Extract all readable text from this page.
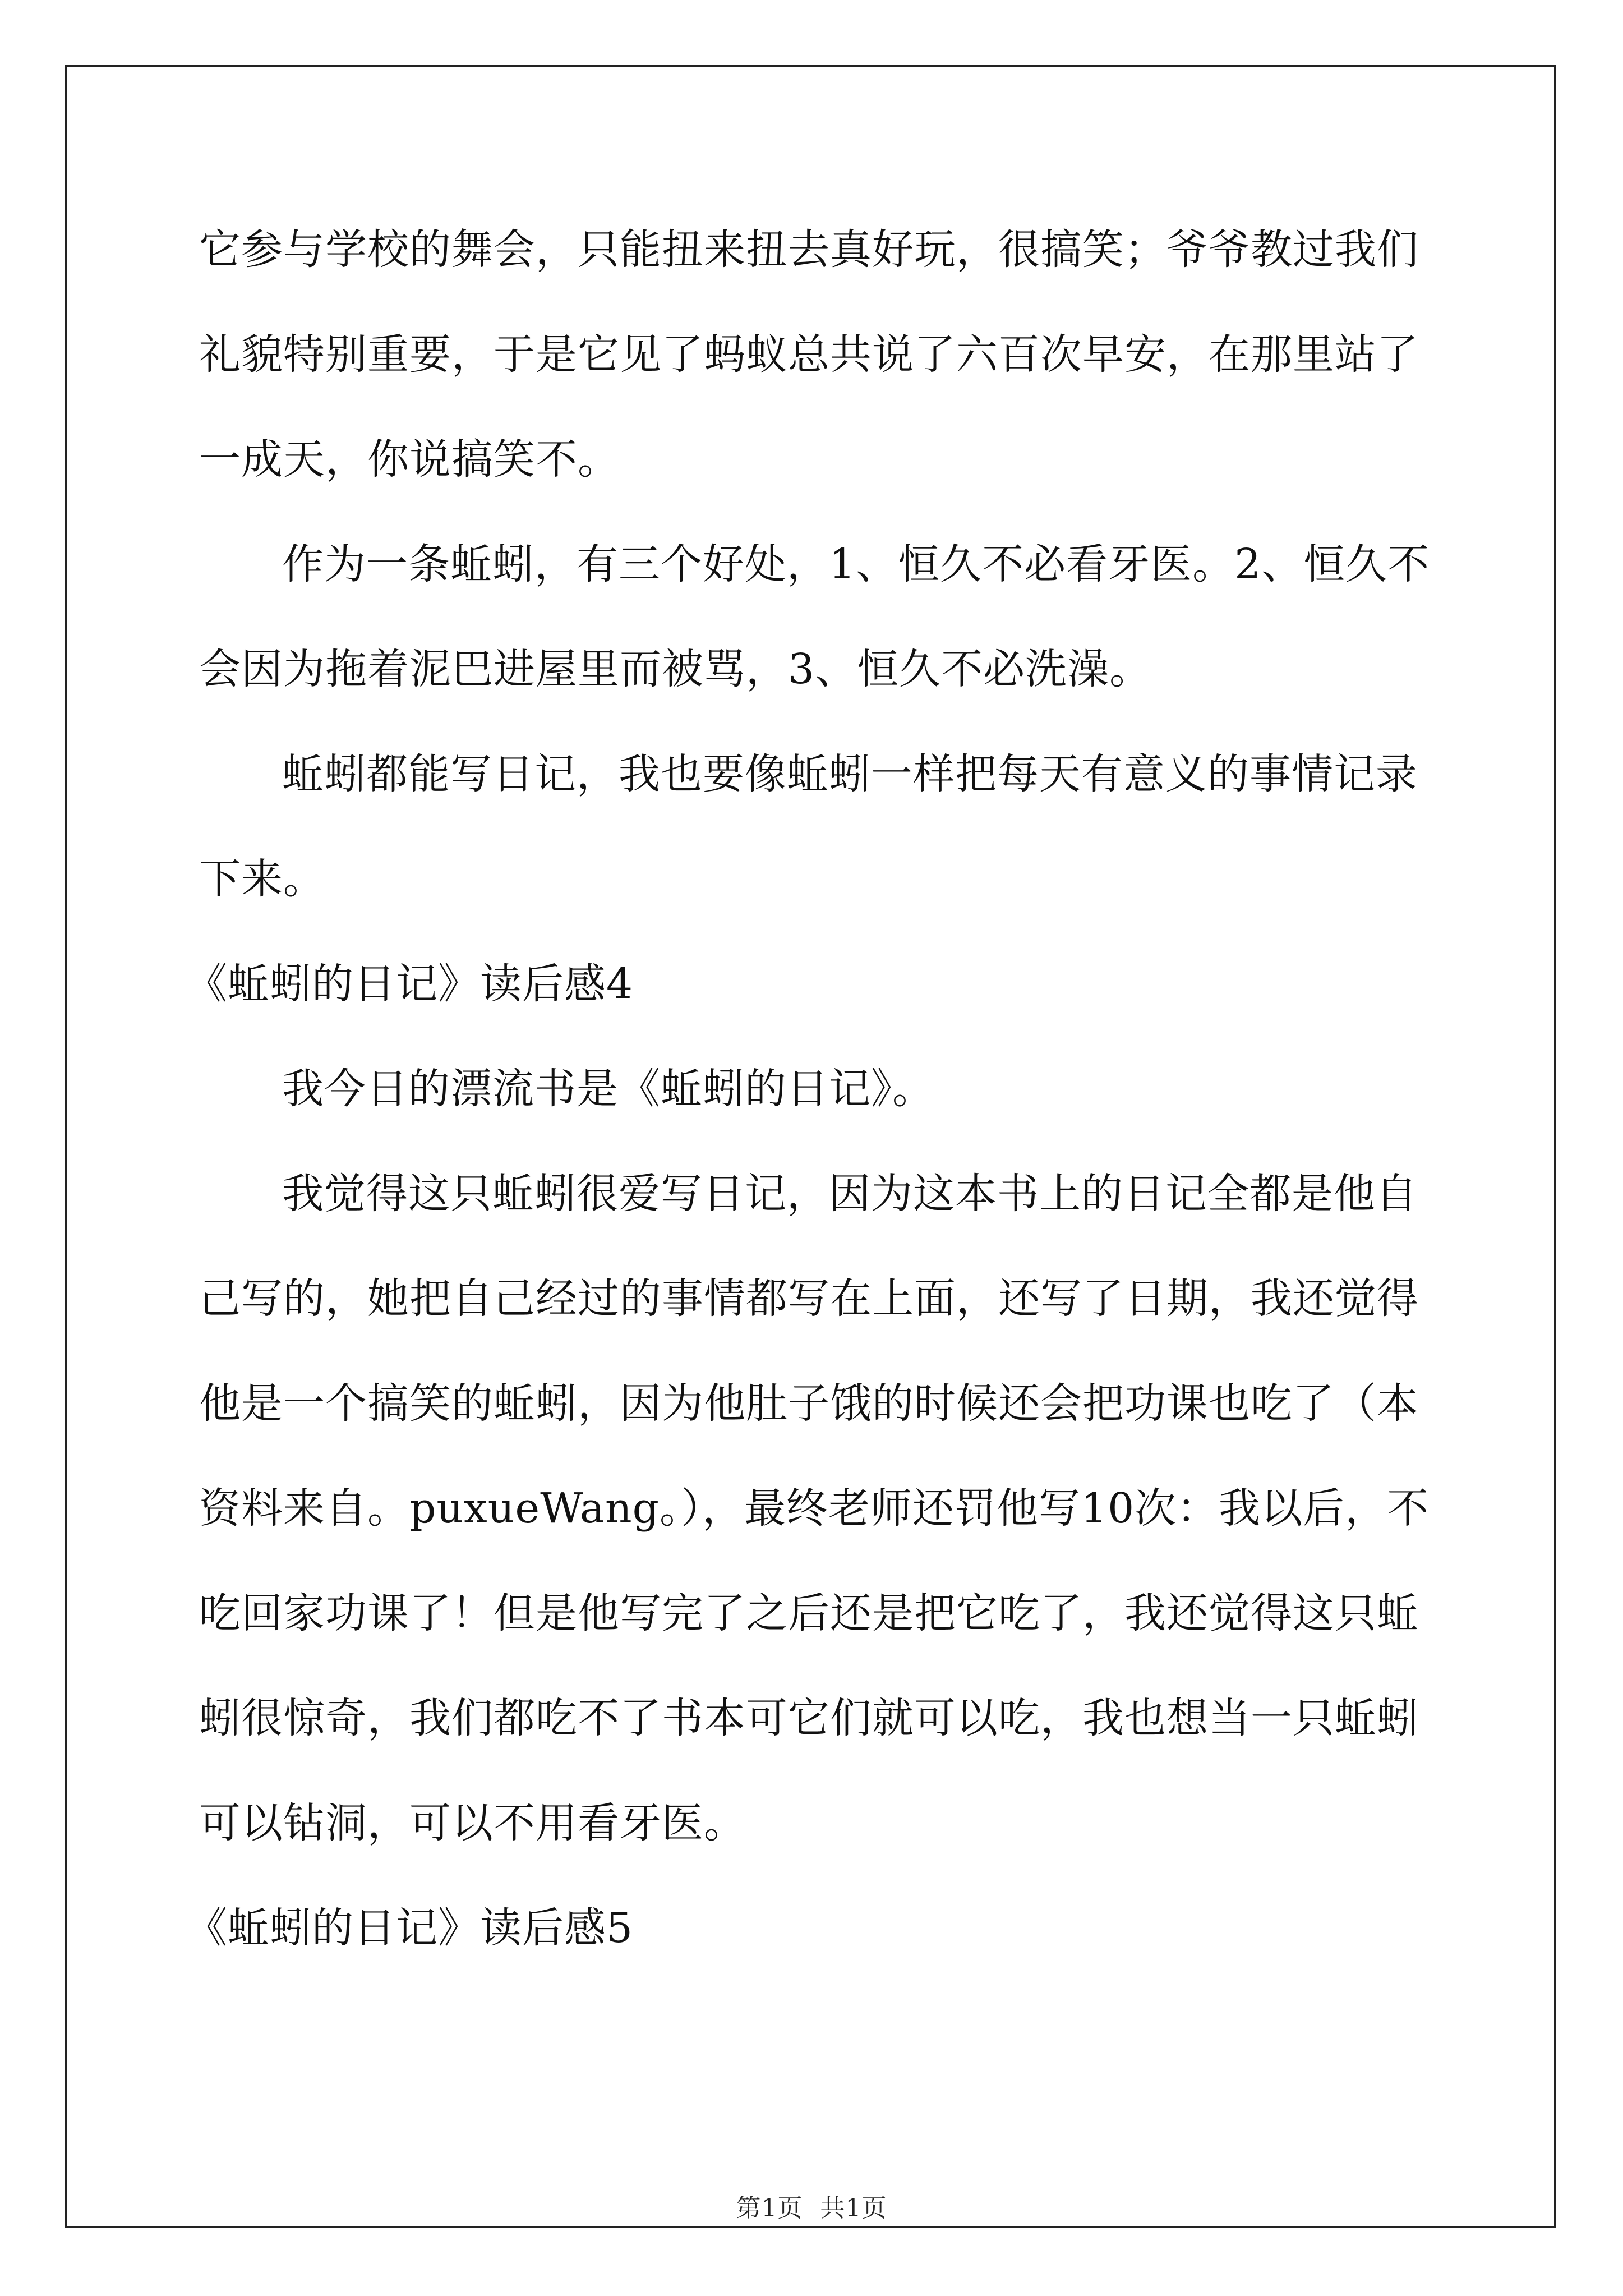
它参与学校的舞会，只能扭来扭去真好玩，很搞笑；爷爷教过我们礼貌特别重要，于是它见了蚂蚁总共说了六百次早安，在那里站了一成天，你说搞笑不。

作为一条蚯蚓，有三个好处，1、恒久不必看牙医。2、恒久不会因为拖着泥巴进屋里而被骂，3、恒久不必洗澡。

蚯蚓都能写日记，我也要像蚯蚓一样把每天有意义的事情记录下来。

《蚯蚓的日记》读后感4

我今日的漂流书是《蚯蚓的日记》。

我觉得这只蚯蚓很爱写日记，因为这本书上的日记全都是他自己写的，她把自己经过的事情都写在上面，还写了日期，我还觉得他是一个搞笑的蚯蚓，因为他肚子饿的时候还会把功课也吃了（本资料来自。puxueWang。），最终老师还罚他写10次：我以后，不吃回家功课了！但是他写完了之后还是把它吃了，我还觉得这只蚯蚓很惊奇，我们都吃不了书本可它们就可以吃，我也想当一只蚯蚓可以钻洞，可以不用看牙医。

《蚯蚓的日记》读后感5

第1页 共1页
